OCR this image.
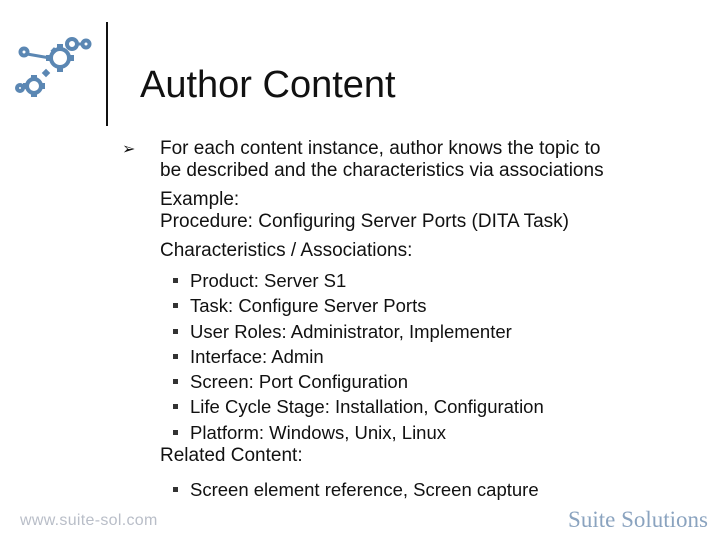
Author Content
➢ For each content instance, author knows the topic to
be described and the characteristics via associations
Example:
Procedure: Configuring Server Ports (DITA Task)
Characteristics / Associations:
Product: Server S1
Task: Configure Server Ports
User Roles: Administrator, Implementer
Interface: Admin
Screen: Port Configuration
Life Cycle Stage: Installation, Configuration
Platform: Windows, Unix, Linux
Related Content:
Screen element reference, Screen capture
www.suite-sol.com	Suite Solutions
